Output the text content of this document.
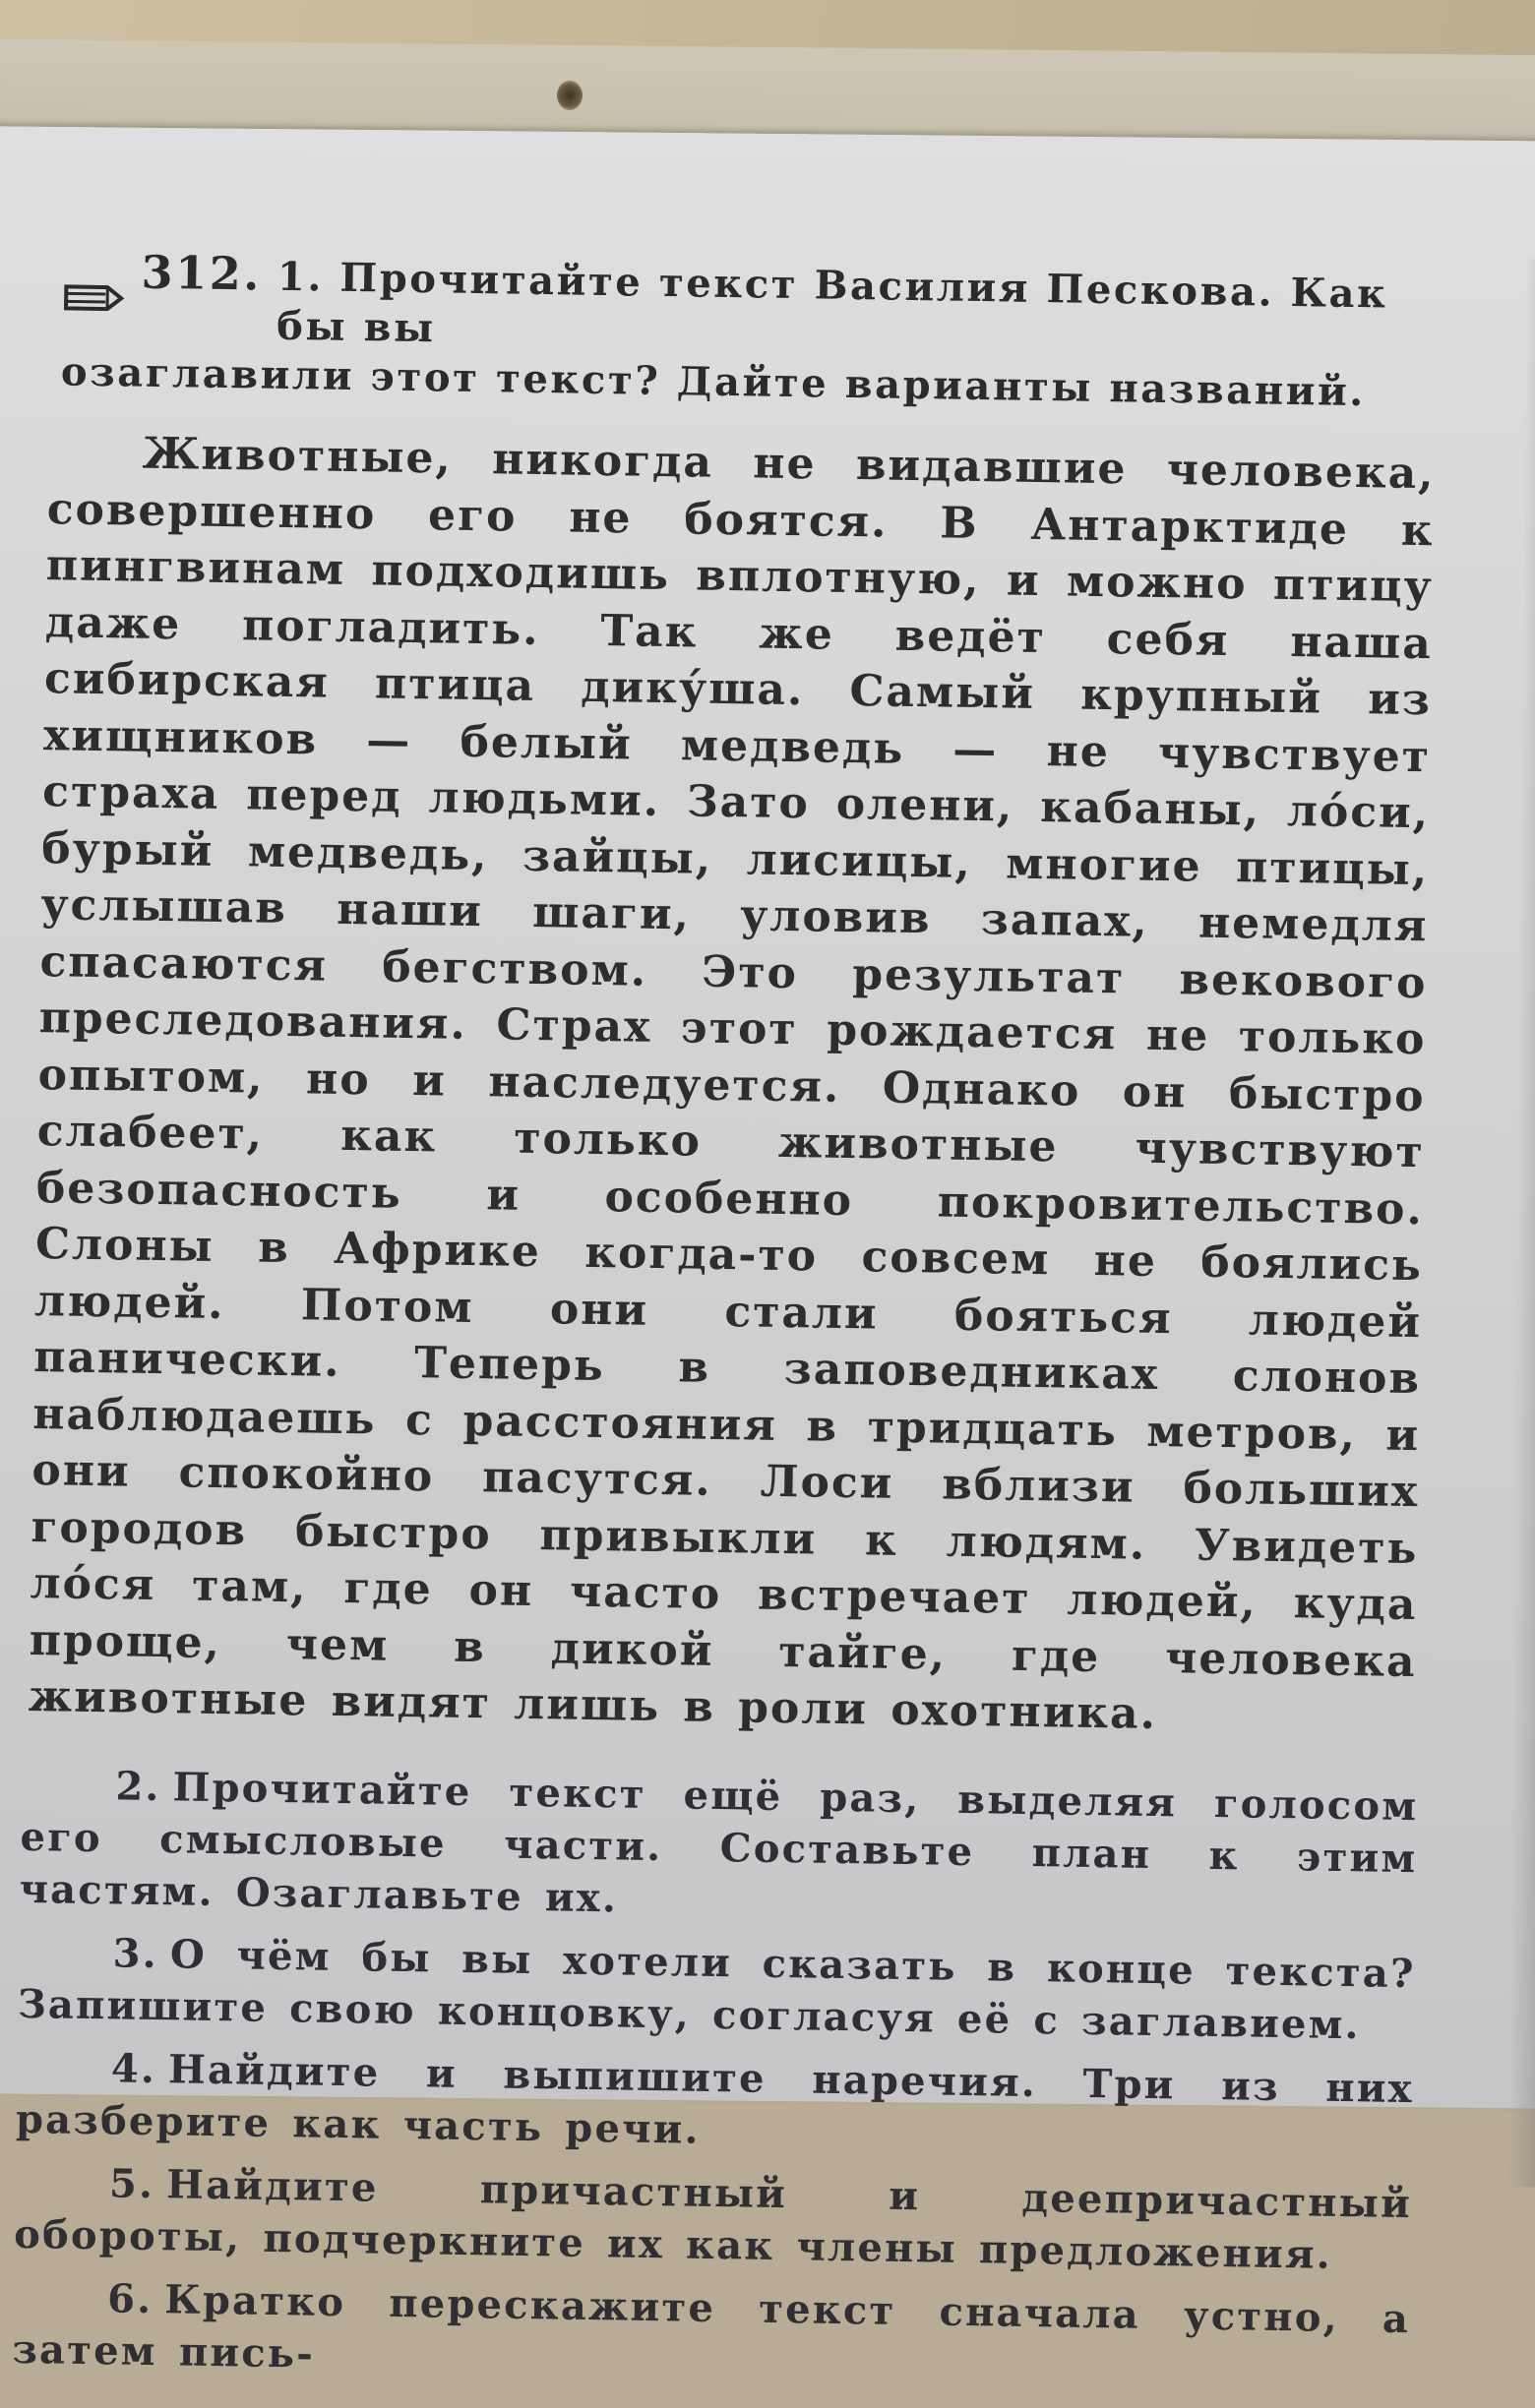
312. 1. Прочитайте текст Василия Пескова. Как бы вы
озаглавили этот текст? Дайте варианты названий.
Животные, никогда не видавшие человека, совершенно его не боятся. В Антарктиде к пингвинам подходишь вплотную, и можно птицу даже погладить. Так же ведёт себя наша сибирская птица дику́ша. Самый крупный из хищников — белый медведь — не чувствует страха перед людьми. Зато олени, кабаны, ло́си, бурый медведь, зайцы, лисицы, многие птицы, услышав наши шаги, уловив запах, немедля спасаются бегством. Это результат векового преследования. Страх этот рождается не только опытом, но и наследуется. Однако он быстро слабеет, как только животные чувствуют безопасность и особенно покровительство. Слоны в Африке когда-то совсем не боялись людей. Потом они стали бояться людей панически. Теперь в заповедниках слонов наблюдаешь с расстояния в тридцать метров, и они спокойно пасутся. Лоси вблизи больших городов быстро привыкли к людям. Увидеть ло́ся там, где он часто встречает людей, куда проще, чем в дикой тайге, где человека животные видят лишь в роли охотника.
2. Прочитайте текст ещё раз, выделяя голосом его смысловые части. Составьте план к этим частям. Озаглавьте их.
3. О чём бы вы хотели сказать в конце текста? Запишите свою концовку, согласуя её с заглавием.
4. Найдите и выпишите наречия. Три из них разберите как часть речи.
5. Найдите причастный и деепричастный обороты, подчеркните их как члены предложения.
6. Кратко перескажите текст сначала устно, а затем пись-
